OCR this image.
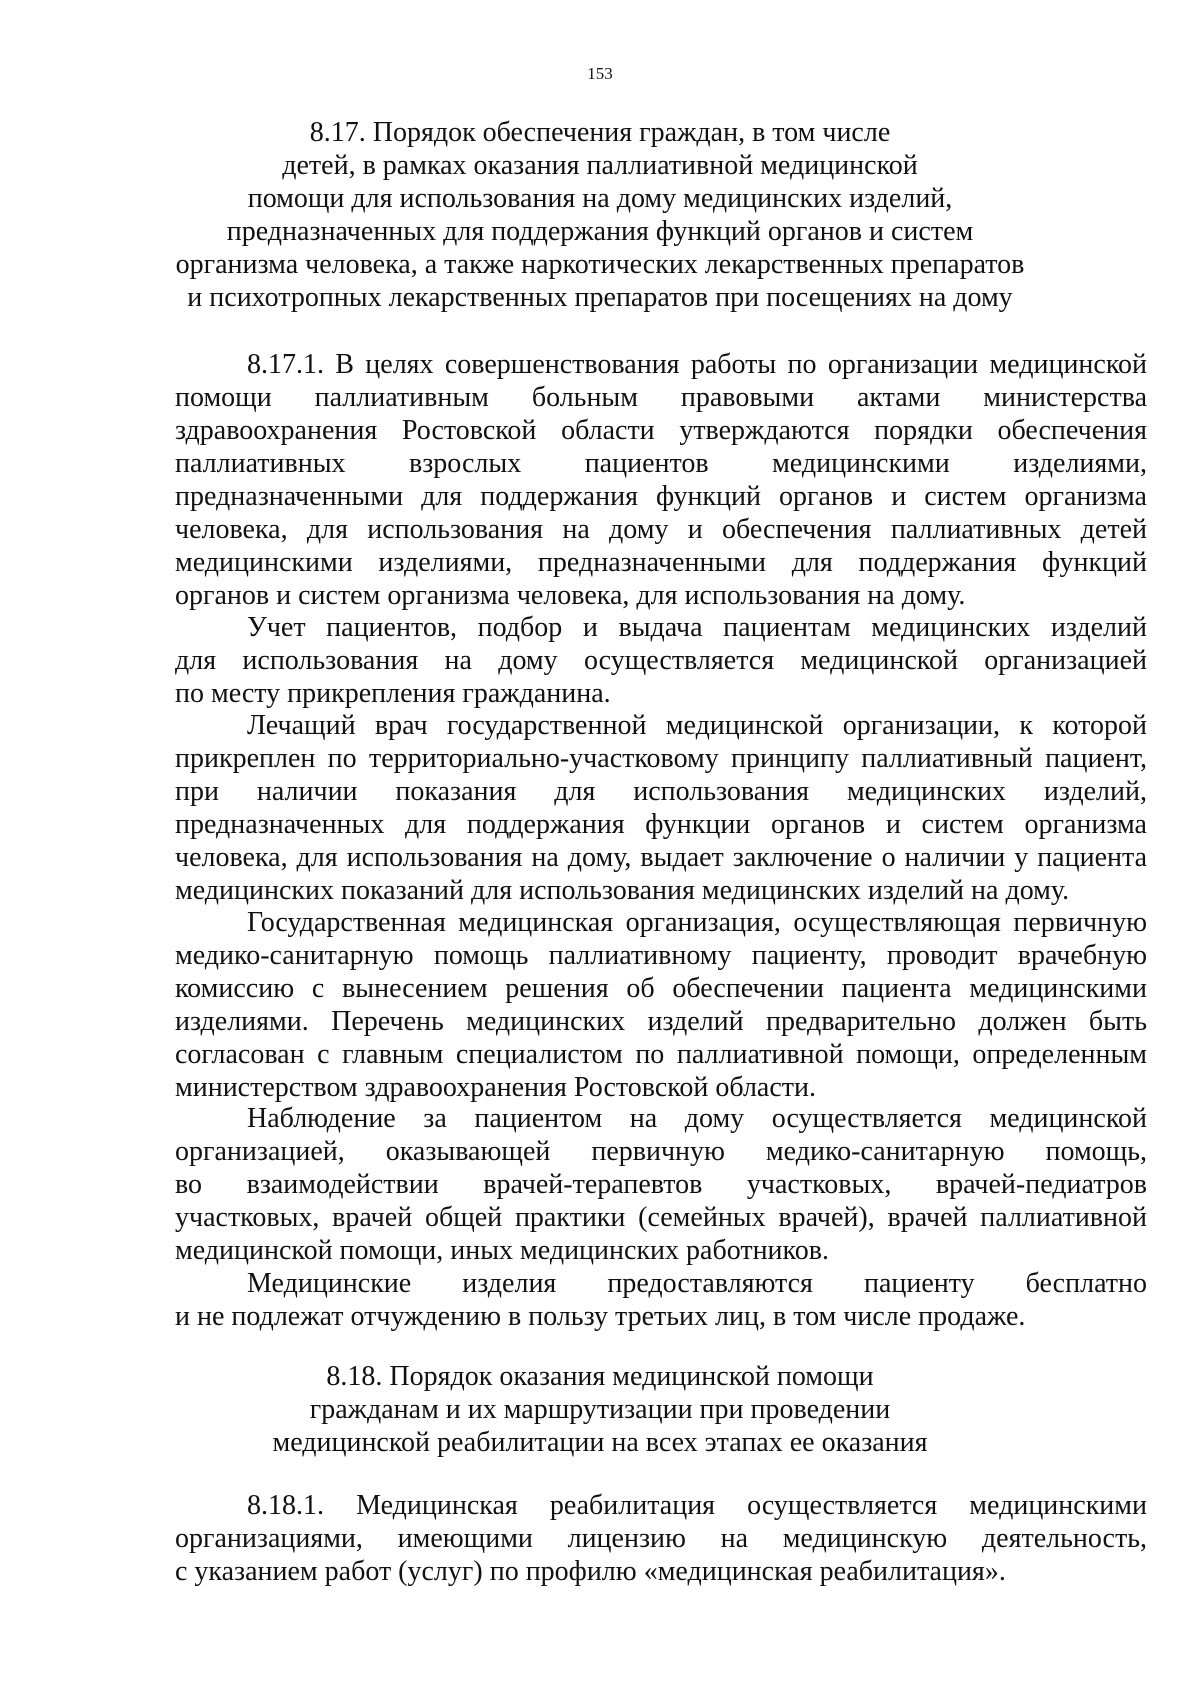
153
8.17. Порядок обеспечения граждан, в том числе
детей, в рамках оказания паллиативной медицинской
помощи для использования на дому медицинских изделий,
предназначенных для поддержания функций органов и систем
организма человека, а также наркотических лекарственных препаратов
и психотропных лекарственных препаратов при посещениях на дому
8.17.1. В целях совершенствования работы по организации медицинской
помощи паллиативным больным правовыми актами министерства
здравоохранения Ростовской области утверждаются порядки обеспечения
паллиативных взрослых пациентов медицинскими изделиями,
предназначенными для поддержания функций органов и систем организма
человека, для использования на дому и обеспечения паллиативных детей
медицинскими изделиями, предназначенными для поддержания функций
органов и систем организма человека, для использования на дому.
Учет пациентов, подбор и выдача пациентам медицинских изделий
для использования на дому осуществляется медицинской организацией
по месту прикрепления гражданина.
Лечащий врач государственной медицинской организации, к которой
прикреплен по территориально-участковому принципу паллиативный пациент,
при наличии показания для использования медицинских изделий,
предназначенных для поддержания функции органов и систем организма
человека, для использования на дому, выдает заключение о наличии у пациента
медицинских показаний для использования медицинских изделий на дому.
Государственная медицинская организация, осуществляющая первичную
медико-санитарную помощь паллиативному пациенту, проводит врачебную
комиссию с вынесением решения об обеспечении пациента медицинскими
изделиями. Перечень медицинских изделий предварительно должен быть
согласован с главным специалистом по паллиативной помощи, определенным
министерством здравоохранения Ростовской области.
Наблюдение за пациентом на дому осуществляется медицинской
организацией, оказывающей первичную медико-санитарную помощь,
во взаимодействии врачей-терапевтов участковых, врачей-педиатров
участковых, врачей общей практики (семейных врачей), врачей паллиативной
медицинской помощи, иных медицинских работников.
Медицинские изделия предоставляются пациенту бесплатно
и не подлежат отчуждению в пользу третьих лиц, в том числе продаже.
8.18. Порядок оказания медицинской помощи
гражданам и их маршрутизации при проведении
медицинской реабилитации на всех этапах ее оказания
8.18.1. Медицинская реабилитация осуществляется медицинскими
организациями, имеющими лицензию на медицинскую деятельность,
с указанием работ (услуг) по профилю «медицинская реабилитация».
